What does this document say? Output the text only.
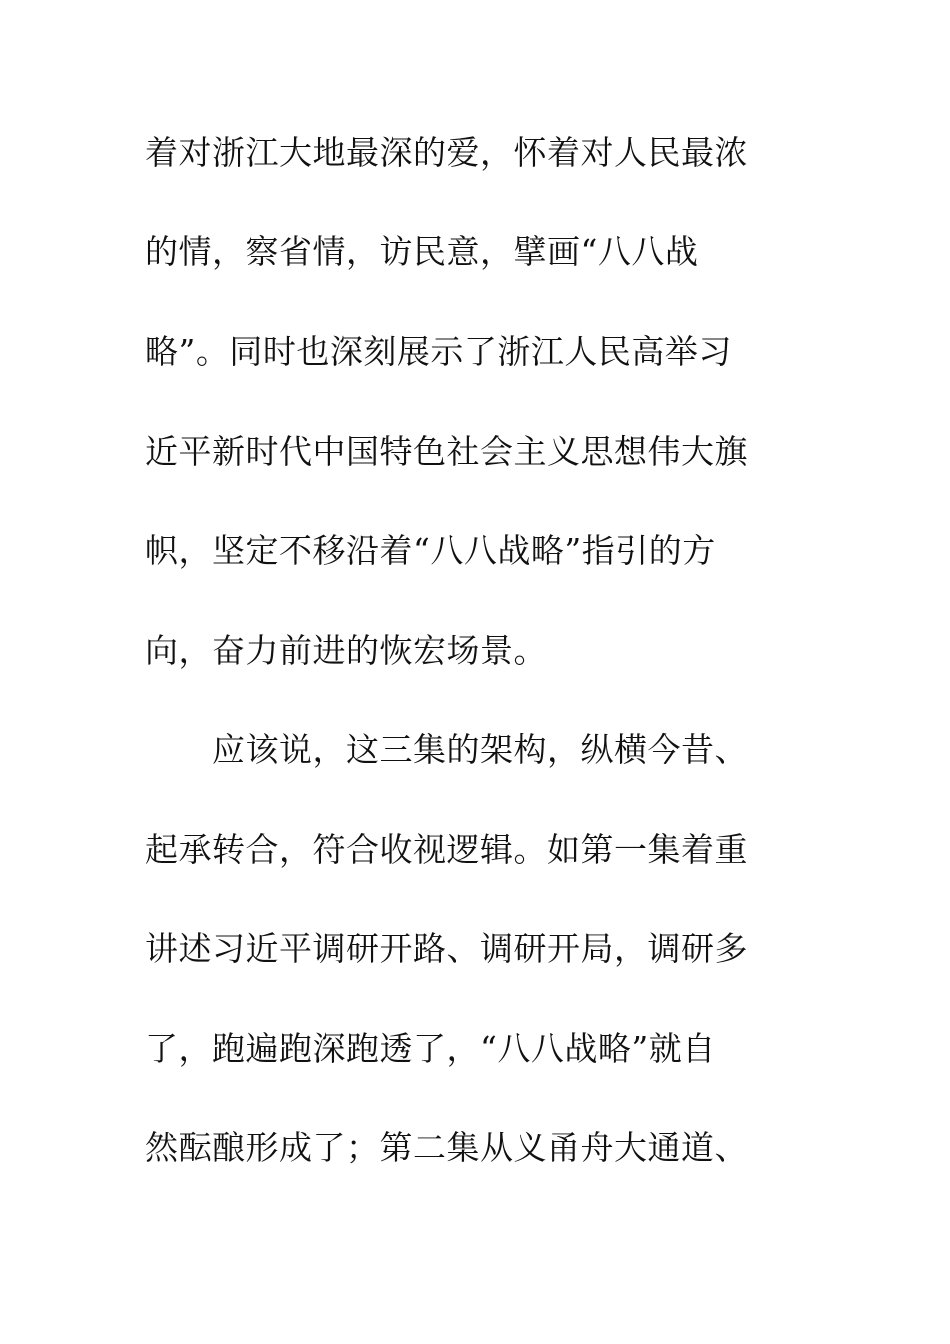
着对浙江大地最深的爱，怀着对人民最浓
的情，察省情，访民意，擘画“八八战
略”。同时也深刻展示了浙江人民高举习
近平新时代中国特色社会主义思想伟大旗
帜，坚定不移沿着“八八战略”指引的方
向，奋力前进的恢宏场景。
应该说，这三集的架构，纵横今昔、
起承转合，符合收视逻辑。如第一集着重
讲述习近平调研开路、调研开局，调研多
了，跑遍跑深跑透了，“八八战略”就自
然酝酿形成了；第二集从义甬舟大通道、
